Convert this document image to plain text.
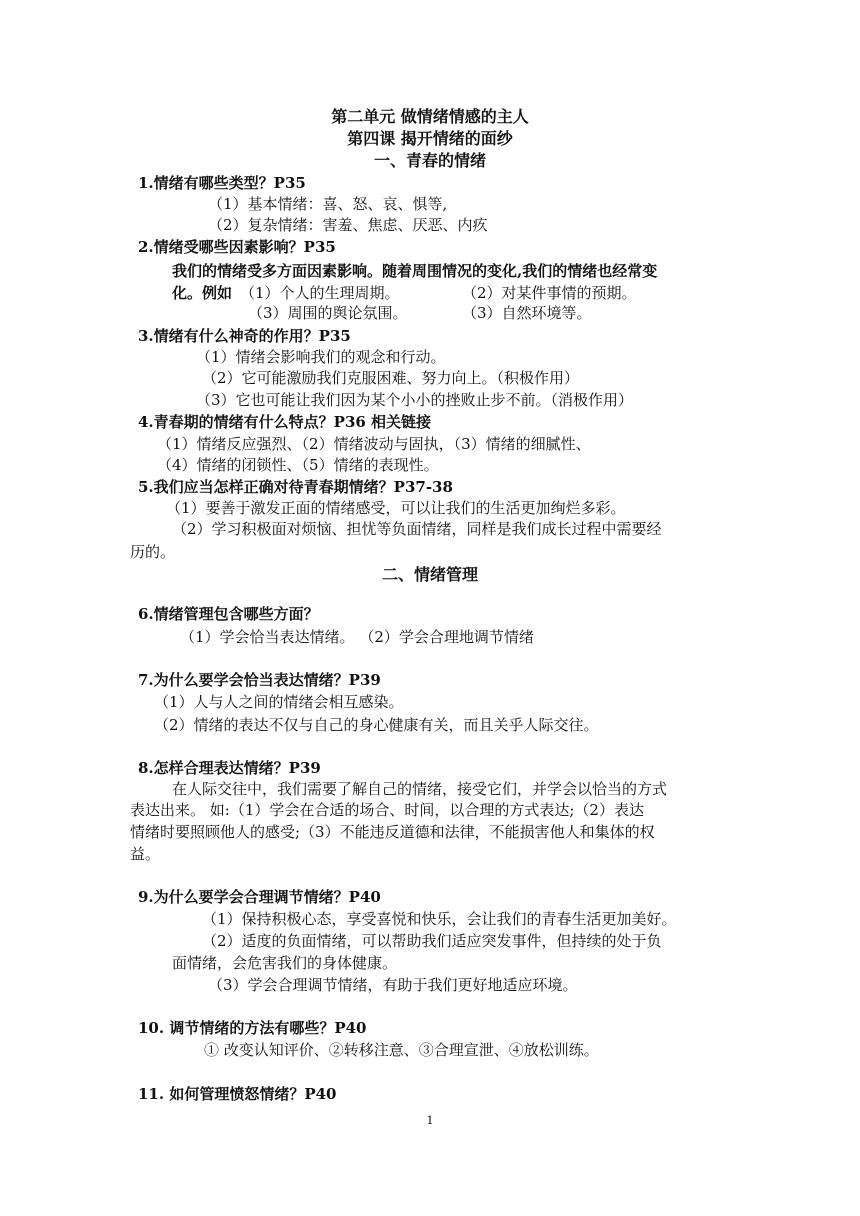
第二单元 做情绪情感的主人
第四课 揭开情绪的面纱
一、青春的情绪
1.情绪有哪些类型？P35
（1）基本情绪：喜、怒、哀、惧等,
（2）复杂情绪：害羞、焦虑、厌恶、内疚
2.情绪受哪些因素影响？P35
我们的情绪受多方面因素影响。随着周围情况的变化,我们的情绪也经常变
化。例如 （1）个人的生理周期。	（2）对某件事情的预期。
（3）周围的舆论氛围。	（3）自然环境等。
3.情绪有什么神奇的作用？P35
（1）情绪会影响我们的观念和行动。
（2）它可能激励我们克服困难、努力向上。（积极作用）
（3）它也可能让我们因为某个小小的挫败止步不前。（消极作用）
4.青春期的情绪有什么特点？P36 相关链接
（1）情绪反应强烈、（2）情绪波动与固执，（3）情绪的细腻性、
（4）情绪的闭锁性、（5）情绪的表现性。
5.我们应当怎样正确对待青春期情绪？P37-38
（1）要善于激发正面的情绪感受，可以让我们的生活更加绚烂多彩。
（2）学习积极面对烦恼、担忧等负面情绪，同样是我们成长过程中需要经
历的。
二、情绪管理
6.情绪管理包含哪些方面？
（1）学会恰当表达情绪。 （2）学会合理地调节情绪
7.为什么要学会恰当表达情绪？P39
（1）人与人之间的情绪会相互感染。
（2）情绪的表达不仅与自己的身心健康有关，而且关乎人际交往。
8.怎样合理表达情绪？P39
在人际交往中，我们需要了解自己的情绪，接受它们，并学会以恰当的方式
表达出来。 如:（1）学会在合适的场合、时间，以合理的方式表达;（2）表达
情绪时要照顾他人的感受;（3）不能违反道德和法律，不能损害他人和集体的权
益。
9.为什么要学会合理调节情绪？P40
（1）保持积极心态，享受喜悦和快乐，会让我们的青春生活更加美好。
（2）适度的负面情绪，可以帮助我们适应突发事件，但持续的处于负
面情绪，会危害我们的身体健康。
（3）学会合理调节情绪，有助于我们更好地适应环境。
10. 调节情绪的方法有哪些？P40
① 改变认知评价、②转移注意、③合理宣泄、④放松训练。
11. 如何管理愤怒情绪？P40
1
